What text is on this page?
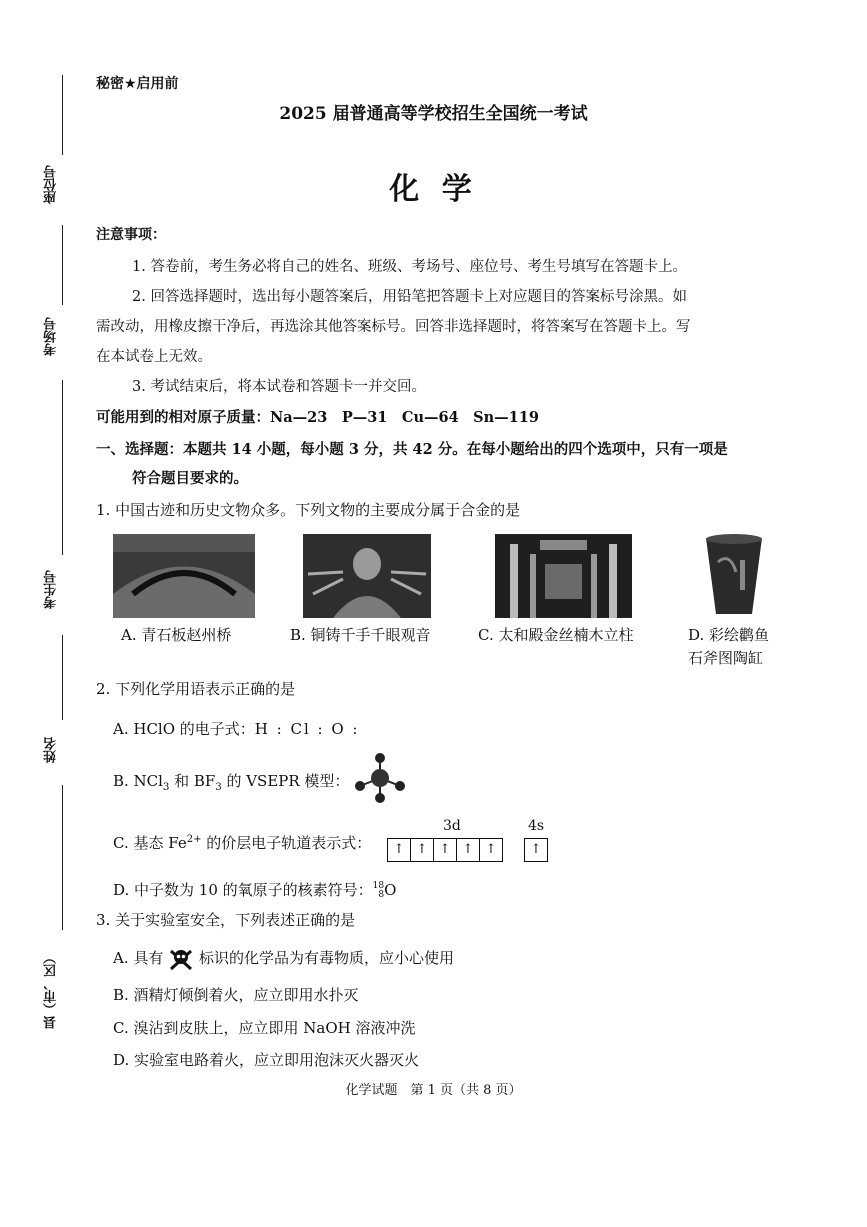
座位号
考场号
考生号
姓名
县（市、区）
秘密★启用前
2025 届普通高等学校招生全国统一考试
化 学
注意事项：
1. 答卷前，考生务必将自己的姓名、班级、考场号、座位号、考生号填写在答题卡上。
2. 回答选择题时，选出每小题答案后，用铅笔把答题卡上对应题目的答案标号涂黑。如
需改动，用橡皮擦干净后，再选涂其他答案标号。回答非选择题时，将答案写在答题卡上。写
在本试卷上无效。
3. 考试结束后，将本试卷和答题卡一并交回。
可能用到的相对原子质量：Na—23　P—31　Cu—64　Sn—119
一、选择题：本题共 14 小题，每小题 3 分，共 42 分。在每小题给出的四个选项中，只有一项是
符合题目要求的。
1. 中国古迹和历史文物众多。下列文物的主要成分属于合金的是
A. 青石板赵州桥	B. 铜铸千手千眼观音	C. 太和殿金丝楠木立柱	D. 彩绘鹳鱼
石斧图陶缸
2. 下列化学用语表示正确的是
A. HClO 的电子式：H : Cl : O :
B. NCl$_3$ 和 $BF_3$ 的 VSEPR 模型：
3d	4s
C. 基态 $Fe^{2+}$ 的价层电子轨道表示式：	↑ ↑ ↑ ↑ ↑	↑
D. 中子数为 10 的氧原子的核素符号：18
8O
3. 关于实验室安全，下列表述正确的是
A. 具有 标识的化学品为有毒物质，应小心使用
B. 酒精灯倾倒着火，应立即用水扑灭
C. 溴沾到皮肤上，应立即用 NaOH 溶液冲洗
D. 实验室电路着火，应立即用泡沫灭火器灭火
化学试题　第 1 页（共 8 页）
